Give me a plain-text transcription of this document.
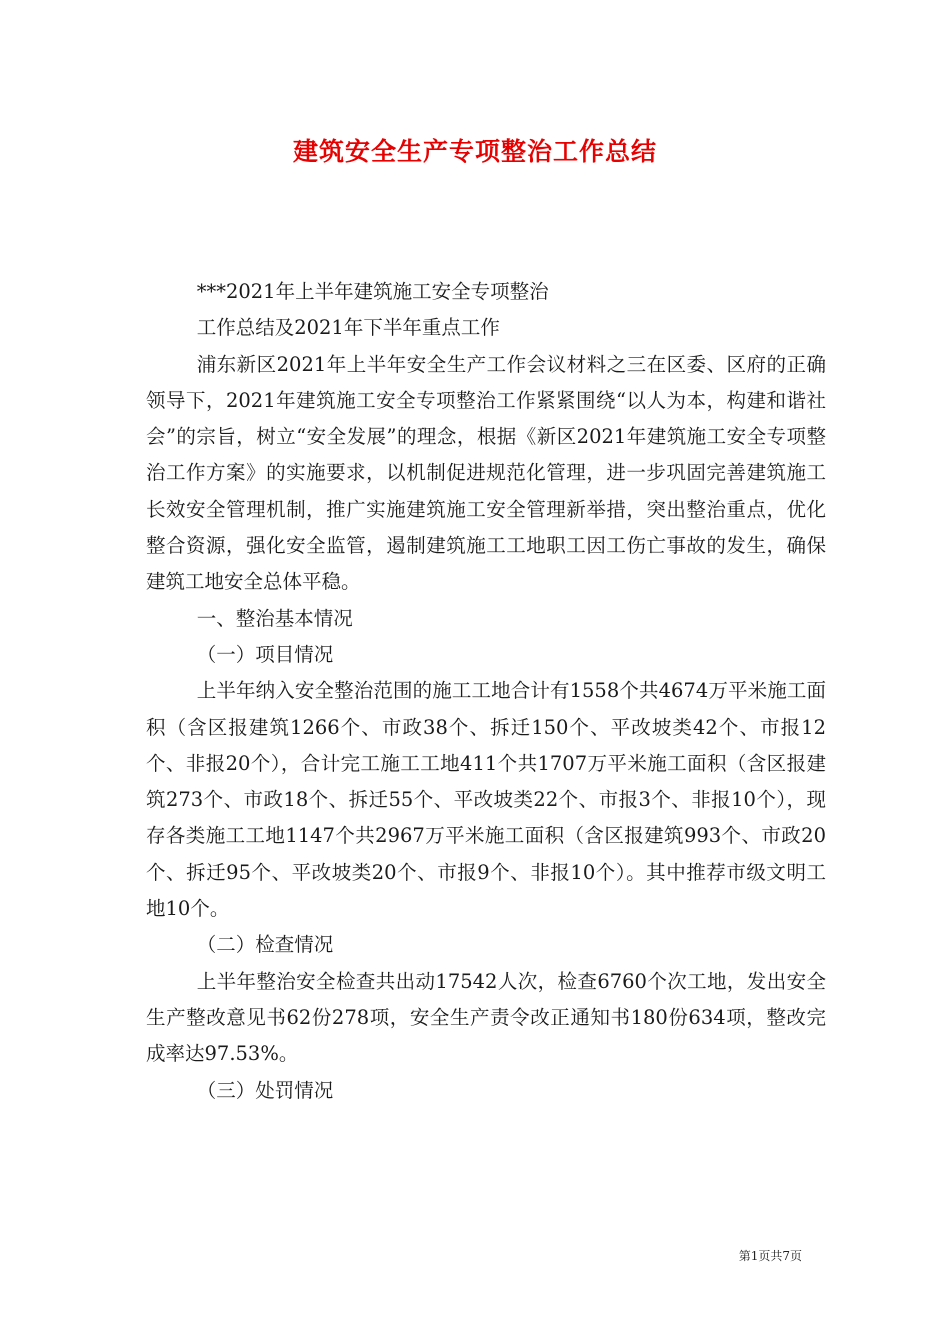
建筑安全生产专项整治工作总结

***2021年上半年建筑施工安全专项整治

工作总结及2021年下半年重点工作

浦东新区2021年上半年安全生产工作会议材料之三在区委、区府的正确领导下，2021年建筑施工安全专项整治工作紧紧围绕“以人为本，构建和谐社会”的宗旨，树立“安全发展”的理念，根据《新区2021年建筑施工安全专项整治工作方案》的实施要求，以机制促进规范化管理，进一步巩固完善建筑施工长效安全管理机制，推广实施建筑施工安全管理新举措，突出整治重点，优化整合资源，强化安全监管，遏制建筑施工工地职工因工伤亡事故的发生，确保建筑工地安全总体平稳。

一、整治基本情况

（一）项目情况

上半年纳入安全整治范围的施工工地合计有1558个共4674万平米施工面积（含区报建筑1266个、市政38个、拆迁150个、平改坡类42个、市报12个、非报20个），合计完工施工工地411个共1707万平米施工面积（含区报建筑273个、市政18个、拆迁55个、平改坡类22个、市报3个、非报10个），现存各类施工工地1147个共2967万平米施工面积（含区报建筑993个、市政20个、拆迁95个、平改坡类20个、市报9个、非报10个）。其中推荐市级文明工地10个。

（二）检查情况

上半年整治安全检查共出动17542人次，检查6760个次工地，发出安全生产整改意见书62份278项，安全生产责令改正通知书180份634项，整改完成率达97.53%。

（三）处罚情况

第1页共7页
